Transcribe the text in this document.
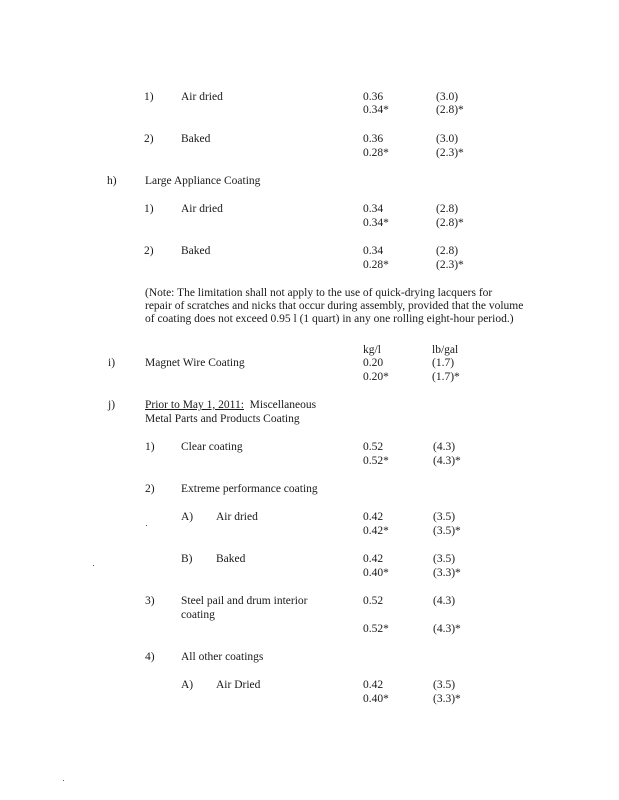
1) Air dried	0.36	(3.0)
0.34*	(2.8)*
2) Baked	0.36	(3.0)
0.28*	(2.3)*
h) Large Appliance Coating
1) Air dried	0.34	(2.8)
0.34*	(2.8)*
2) Baked	0.34	(2.8)
0.28*	(2.3)*
(Note: The limitation shall not apply to the use of quick-drying lacquers for
repair of scratches and nicks that occur during assembly, provided that the volume
of coating does not exceed 0.95 l (1 quart) in any one rolling eight-hour period.)
kg/l	lb/gal
i)	Magnet Wire Coating	0.20	(1.7)
0.20*	(1.7)*
j)	Prior to May 1, 2011: Miscellaneous
Metal Parts and Products Coating
1) Clear coating	0.52	(4.3)
0.52*	(4.3)*
2) Extreme performance coating
A) Air dried	0.42	(3.5)
0.42*	(3.5)*
B) Baked	0.42	(3.5)
0.40*	(3.3)*
3) Steel pail and drum interior
coating
0.52	(4.3)
0.52*	(4.3)*
4) All other coatings
A) Air Dried	0.42	(3.5)
0.40*	(3.3)*
